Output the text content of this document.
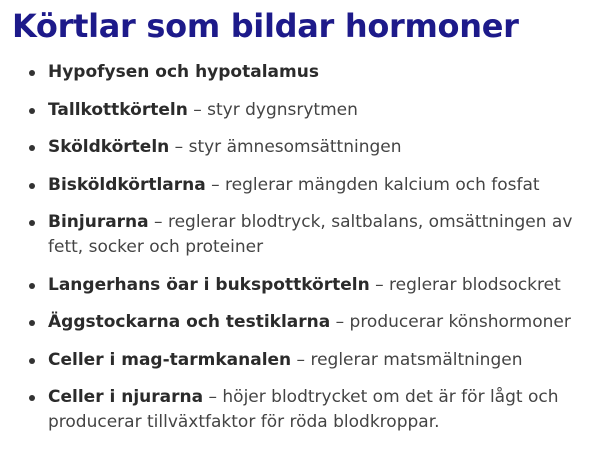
Körtlar som bildar hormoner
Hypofysen och hypotalamus
Tallkottkörteln – styr dygnsrytmen
Sköldkörteln – styr ämnesomsättningen
Bisköldkörtlarna – reglerar mängden kalcium och fosfat
Binjurarna – reglerar blodtryck, saltbalans, omsättningen av fett, socker och proteiner
Langerhans öar i bukspottkörteln – reglerar blodsockret
Äggstockarna och testiklarna – producerar könshormoner
Celler i mag-tarmkanalen – reglerar matsmältningen
Celler i njurarna – höjer blodtrycket om det är för lågt och producerar tillväxtfaktor för röda blodkroppar.
